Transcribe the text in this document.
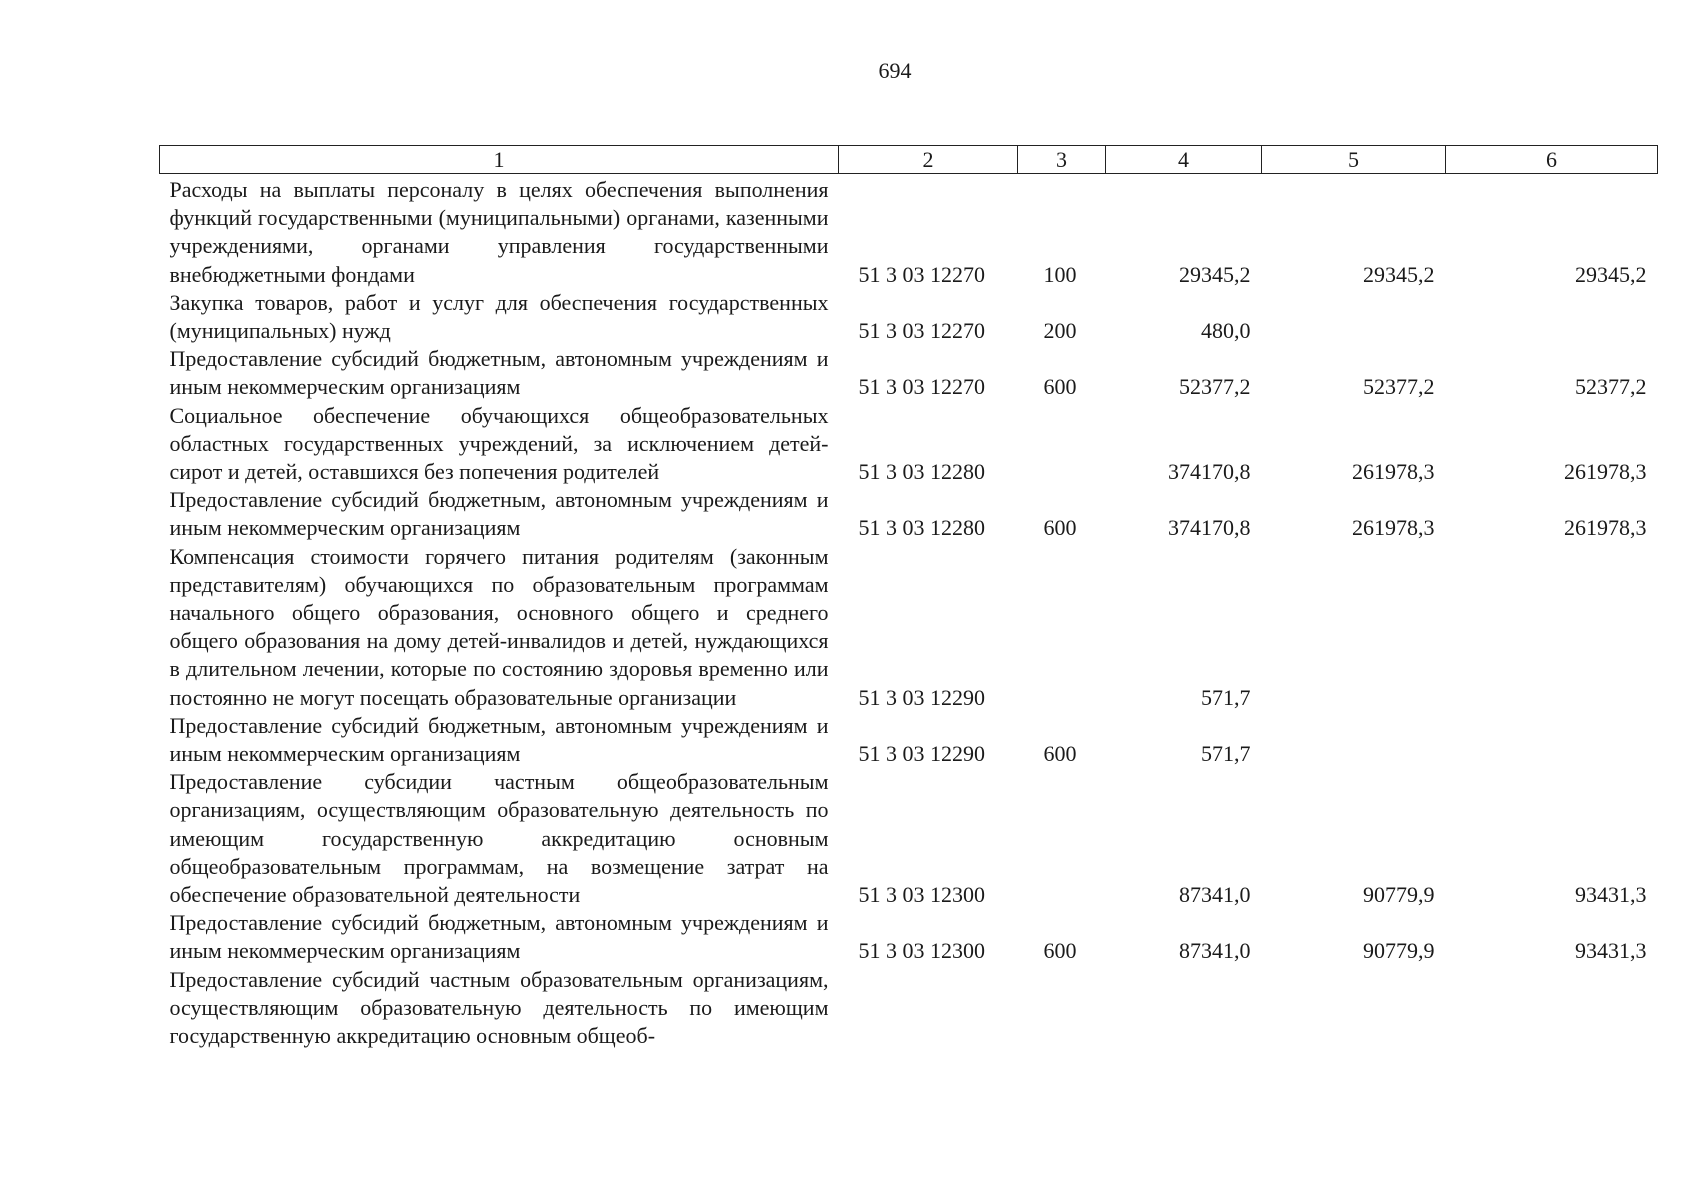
694
1	2	3	4	5	6
Расходы на выплаты персоналу в целях обеспечения выполнения функций государственными (муниципальными) органами, казенными учреждениями, органами управления государственными внебюджетными фондами	51 3 03 12270	100	29345,2	29345,2	29345,2
Закупка товаров, работ и услуг для обеспечения государственных (муниципальных) нужд	51 3 03 12270	200	480,0		
Предоставление субсидий бюджетным, автономным учреждениям и иным некоммерческим организациям	51 3 03 12270	600	52377,2	52377,2	52377,2
Социальное обеспечение обучающихся общеобразовательных областных государственных учреждений, за исключением детей-сирот и детей, оставшихся без попечения родителей	51 3 03 12280		374170,8	261978,3	261978,3
Предоставление субсидий бюджетным, автономным учреждениям и иным некоммерческим организациям	51 3 03 12280	600	374170,8	261978,3	261978,3
Компенсация стоимости горячего питания родителям (законным представителям) обучающихся по образовательным программам начального общего образования, основного общего и среднего общего образования на дому детей-инвалидов и детей, нуждающихся в длительном лечении, которые по состоянию здоровья временно или постоянно не могут посещать образовательные организации	51 3 03 12290		571,7		
Предоставление субсидий бюджетным, автономным учреждениям и иным некоммерческим организациям	51 3 03 12290	600	571,7		
Предоставление субсидии частным общеобразовательным организациям, осуществляющим образовательную деятельность по имеющим государственную аккредитацию основным общеобразовательным программам, на возмещение затрат на обеспечение образовательной деятельности	51 3 03 12300		87341,0	90779,9	93431,3
Предоставление субсидий бюджетным, автономным учреждениям и иным некоммерческим организациям	51 3 03 12300	600	87341,0	90779,9	93431,3
Предоставление субсидий частным образовательным организациям, осуществляющим образовательную деятельность по имеющим государственную аккредитацию основным общеоб-					
